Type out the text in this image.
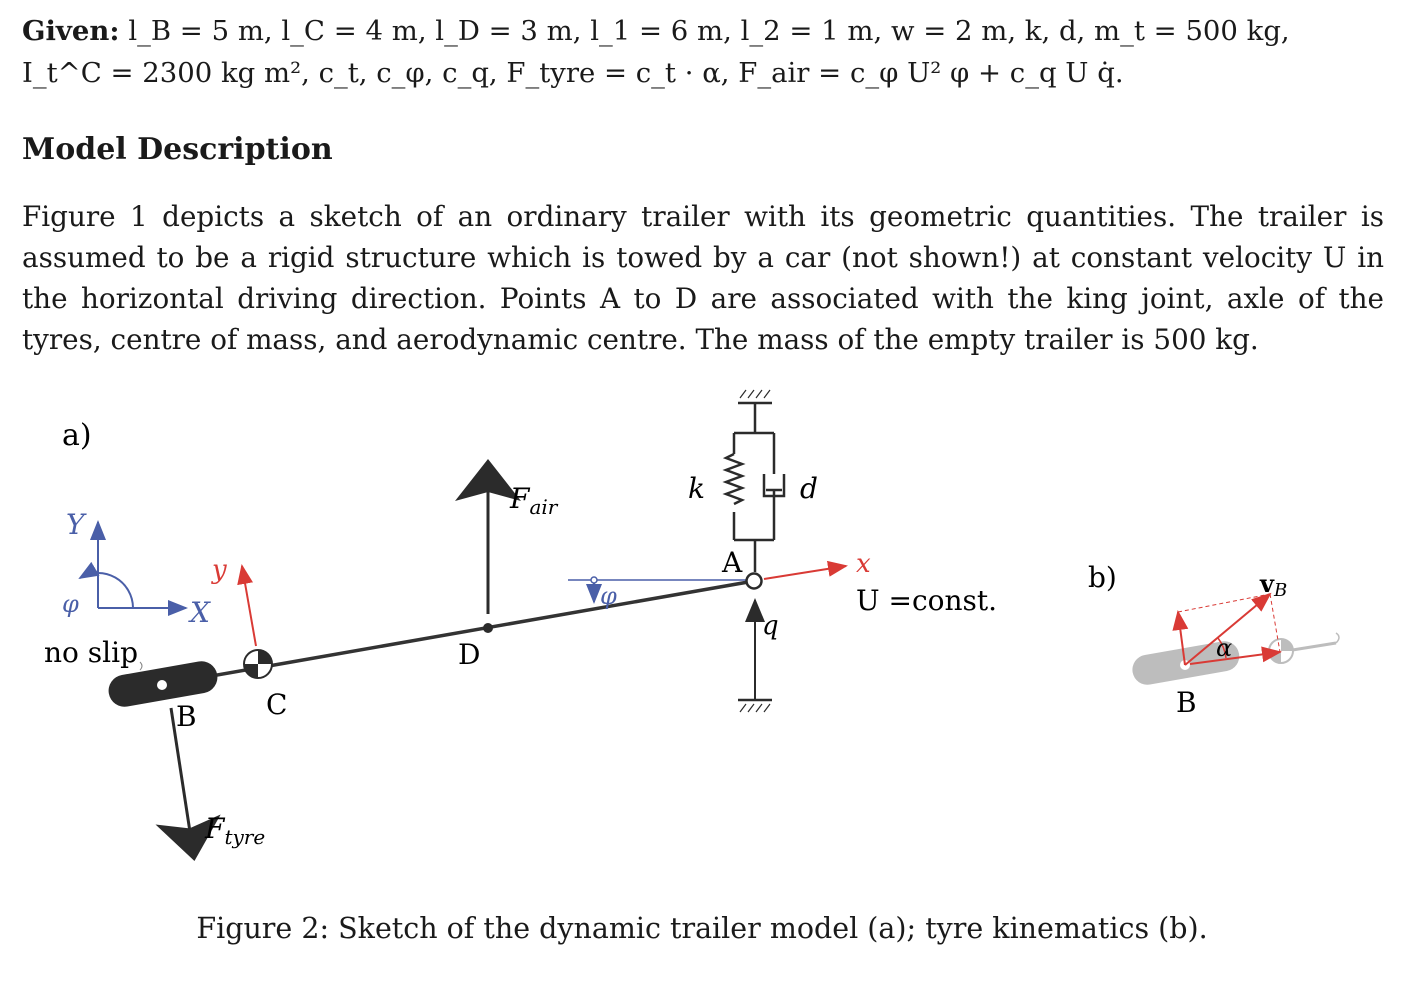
Given: l_B = 5 m, l_C = 4 m, l_D = 3 m, l_1 = 6 m, l_2 = 1 m, w = 2 m, k, d, m_t = 500 kg,
I_t^C = 2300 kg m², c_t, c_φ, c_q, F_tyre = c_t · α, F_air = c_φ U² φ + c_q U q̇.
Model Description
Figure 1 depicts a sketch of an ordinary trailer with its geometric quantities. The trailer is assumed to be a rigid structure which is towed by a car (not shown!) at constant velocity U in the horizontal driving direction. Points A to D are associated with the king joint, axle of the tyres, centre of mass, and aerodynamic centre. The mass of the empty trailer is 500 kg.
a)
b)
Y
X
φ
no slip
B
$F_{tyre}$
C
y
D
$F_{air}$
φ
k	d
A	x
U =const.
q
vB
α
B
Figure 2: Sketch of the dynamic trailer model (a); tyre kinematics (b).
